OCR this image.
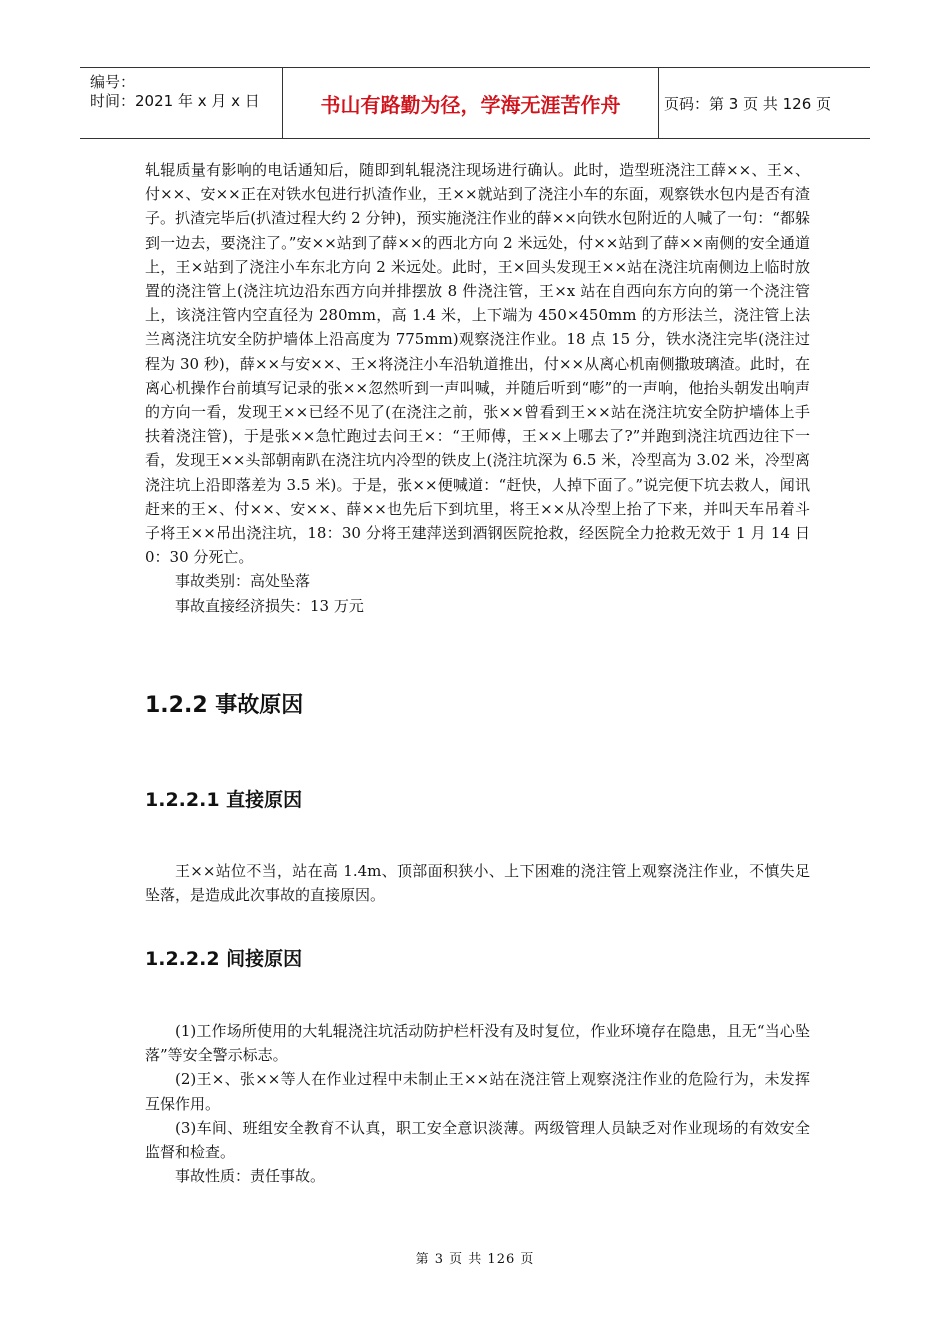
编号：
时间：2021 年 x 月 x 日	书山有路勤为径，学海无涯苦作舟	页码：第 3 页 共 126 页

轧辊质量有影响的电话通知后，随即到轧辊浇注现场进行确认。此时，造型班浇注工薛××、王×、付××、安××正在对铁水包进行扒渣作业，王××就站到了浇注小车的东面，观察铁水包内是否有渣子。扒渣完毕后(扒渣过程大约 2 分钟)，预实施浇注作业的薛××向铁水包附近的人喊了一句：“都躲到一边去，要浇注了。”安××站到了薛××的西北方向 2 米远处，付××站到了薛××南侧的安全通道上，王×站到了浇注小车东北方向 2 米远处。此时，王×回头发现王××站在浇注坑南侧边上临时放置的浇注管上(浇注坑边沿东西方向并排摆放 8 件浇注管，王×x 站在自西向东方向的第一个浇注管上，该浇注管内空直径为 280mm，高 1.4 米，上下端为 450×450mm 的方形法兰，浇注管上法兰离浇注坑安全防护墙体上沿高度为 775mm)观察浇注作业。18 点 15 分，铁水浇注完毕(浇注过程为 30 秒)，薛××与安××、王×将浇注小车沿轨道推出，付××从离心机南侧撒玻璃渣。此时，在离心机操作台前填写记录的张××忽然听到一声叫喊，并随后听到“嘭”的一声响，他抬头朝发出响声的方向一看，发现王××已经不见了(在浇注之前，张××曾看到王××站在浇注坑安全防护墙体上手扶着浇注管)，于是张××急忙跑过去问王×：“王师傅，王××上哪去了?”并跑到浇注坑西边往下一看，发现王××头部朝南趴在浇注坑内冷型的铁皮上(浇注坑深为 6.5 米，冷型高为 3.02 米，冷型离浇注坑上沿即落差为 3.5 米)。于是，张××便喊道：“赶快，人掉下面了。”说完便下坑去救人，闻讯赶来的王×、付××、安××、薛××也先后下到坑里，将王××从冷型上抬了下来，并叫天车吊着斗子将王××吊出浇注坑，18：30 分将王建萍送到酒钢医院抢救，经医院全力抢救无效于 1 月 14 日 0：30 分死亡。

事故类别：高处坠落

事故直接经济损失：13 万元

1.2.2 事故原因
1.2.2.1 直接原因

王××站位不当，站在高 1.4m、顶部面积狭小、上下困难的浇注管上观察浇注作业，不慎失足坠落，是造成此次事故的直接原因。

1.2.2.2 间接原因

(1)工作场所使用的大轧辊浇注坑活动防护栏杆没有及时复位，作业环境存在隐患，且无“当心坠落”等安全警示标志。

(2)王×、张××等人在作业过程中未制止王××站在浇注管上观察浇注作业的危险行为，未发挥互保作用。

(3)车间、班组安全教育不认真，职工安全意识淡薄。两级管理人员缺乏对作业现场的有效安全监督和检查。

事故性质：责任事故。

第 3 页 共 126 页
